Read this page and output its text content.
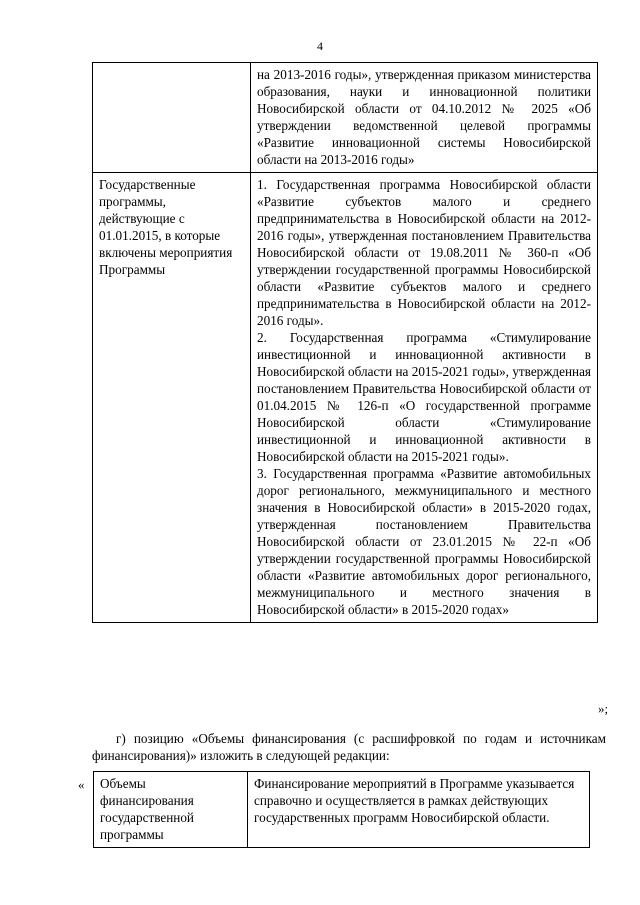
4
	на 2013-2016 годы», утвержденная приказом министерства образования, науки и инновационной политики Новосибирской области от 04.10.2012 № 2025 «Об утверждении ведомственной целевой программы «Развитие инновационной системы Новосибирской области на 2013-2016 годы»
Государственные программы, действующие с 01.01.2015, в которые включены мероприятия Программы	1. Государственная программа Новосибирской области «Развитие субъектов малого и среднего предпринимательства в Новосибирской области на 2012-2016 годы», утвержденная постановлением Правительства Новосибирской области от 19.08.2011 № 360-п «Об утверждении государственной программы Новосибирской области «Развитие субъектов малого и среднего предпринимательства в Новосибирской области на 2012-2016 годы».
2. Государственная программа «Стимулирование инвестиционной и инновационной активности в Новосибирской области на 2015-2021 годы», утвержденная постановлением Правительства Новосибирской области от 01.04.2015 № 126-п «О государственной программе Новосибирской области «Стимулирование инвестиционной и инновационной активности в Новосибирской области на 2015-2021 годы».
3. Государственная программа «Развитие автомобильных дорог регионального, межмуниципального и местного значения в Новосибирской области» в 2015-2020 годах, утвержденная постановлением Правительства Новосибирской области от 23.01.2015 № 22-п «Об утверждении государственной программы Новосибирской области «Развитие автомобильных дорог регионального, межмуниципального и местного значения в Новосибирской области» в 2015-2020 годах»
»;
г) позицию «Объемы финансирования (с расшифровкой по годам и источникам финансирования)» изложить в следующей редакции:
« Объемы финансирования государственной программы	Финансирование мероприятий в Программе указывается справочно и осуществляется в рамках действующих государственных программ Новосибирской области.
